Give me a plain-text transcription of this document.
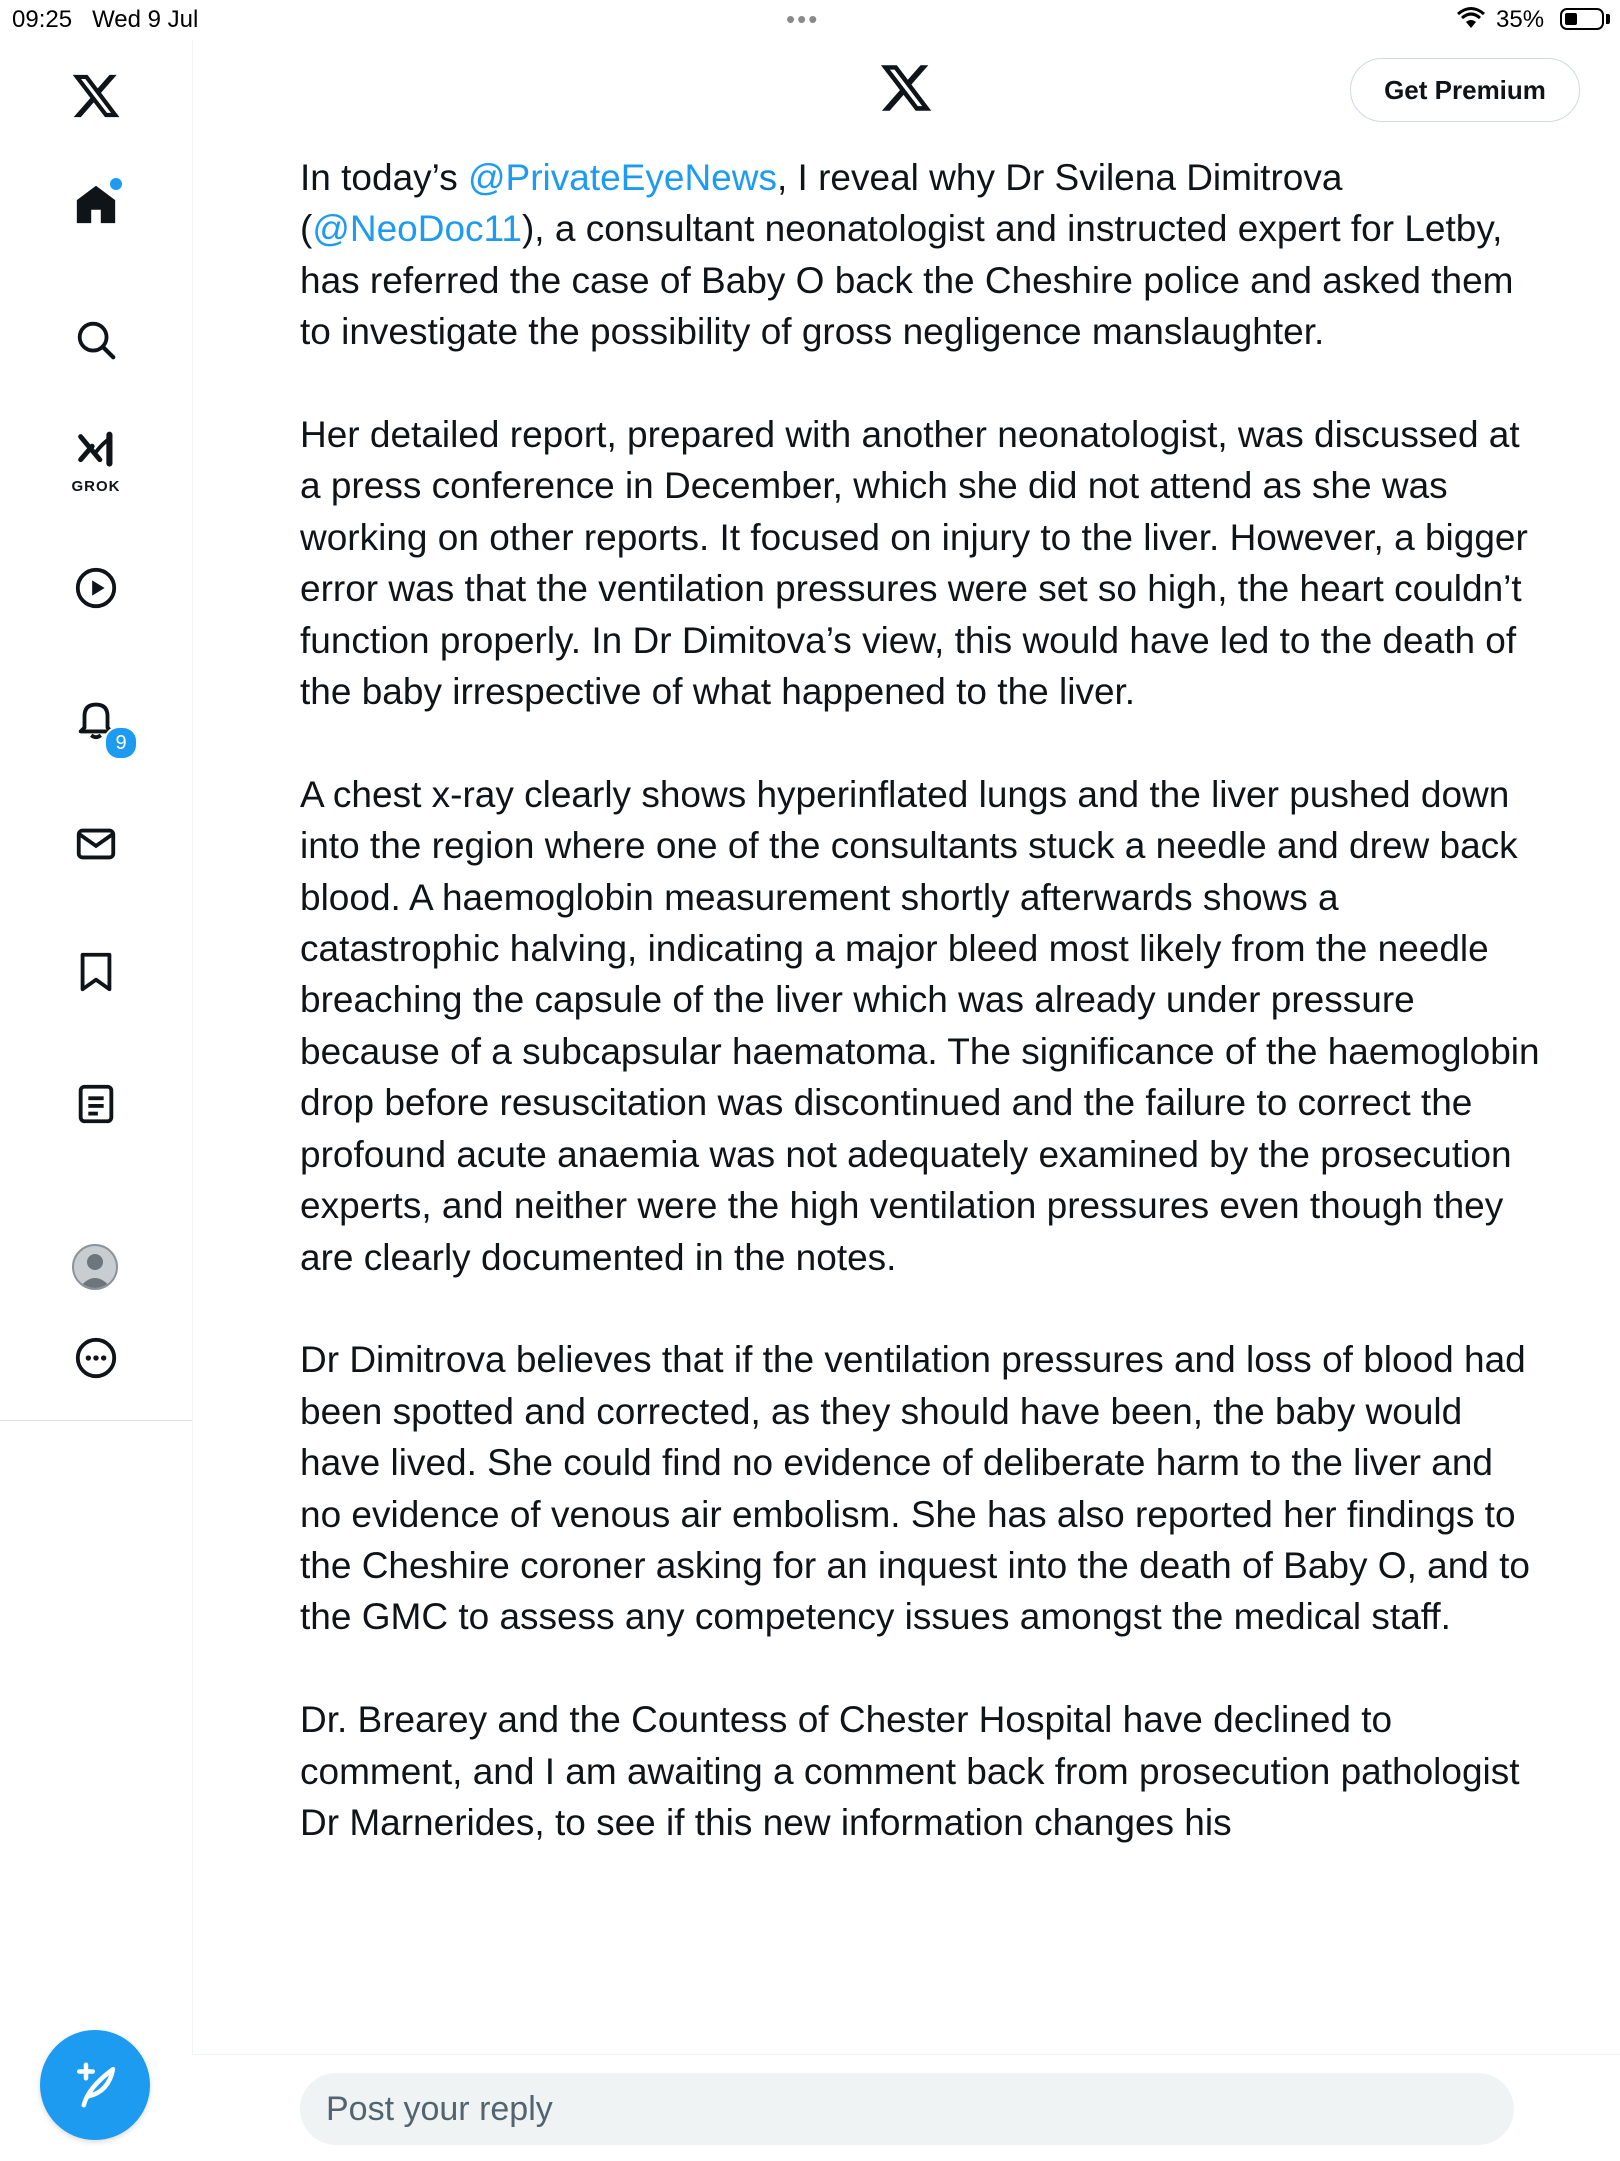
09:25 Wed 9 Jul	•••	35%
GROK
9
Get Premium

In today’s @PrivateEyeNews, I reveal why Dr Svilena Dimitrova (@NeoDoc11), a consultant neonatologist and instructed expert for Letby, has referred the case of Baby O back the Cheshire police and asked them to investigate the possibility of gross negligence manslaughter.

Her detailed report, prepared with another neonatologist, was discussed at a press conference in December, which she did not attend as she was working on other reports. It focused on injury to the liver. However, a bigger error was that the ventilation pressures were set so high, the heart couldn’t function properly. In Dr Dimitova’s view, this would have led to the death of the baby irrespective of what happened to the liver.

A chest x-ray clearly shows hyperinflated lungs and the liver pushed down into the region where one of the consultants stuck a needle and drew back blood. A haemoglobin measurement shortly afterwards shows a catastrophic halving, indicating a major bleed most likely from the needle breaching the capsule of the liver which was already under pressure because of a subcapsular haematoma. The significance of the haemoglobin drop before resuscitation was discontinued and the failure to correct the profound acute anaemia was not adequately examined by the prosecution experts, and neither were the high ventilation pressures even though they are clearly documented in the notes.

Dr Dimitrova believes that if the ventilation pressures and loss of blood had been spotted and corrected, as they should have been, the baby would have lived. She could find no evidence of deliberate harm to the liver and no evidence of venous air embolism. She has also reported her findings to the Cheshire coroner asking for an inquest into the death of Baby O, and to the GMC to assess any competency issues amongst the medical staff.

Dr. Brearey and the Countess of Chester Hospital have declined to comment, and I am awaiting a comment back from prosecution pathologist Dr Marnerides, to see if this new information changes his

Post your reply
